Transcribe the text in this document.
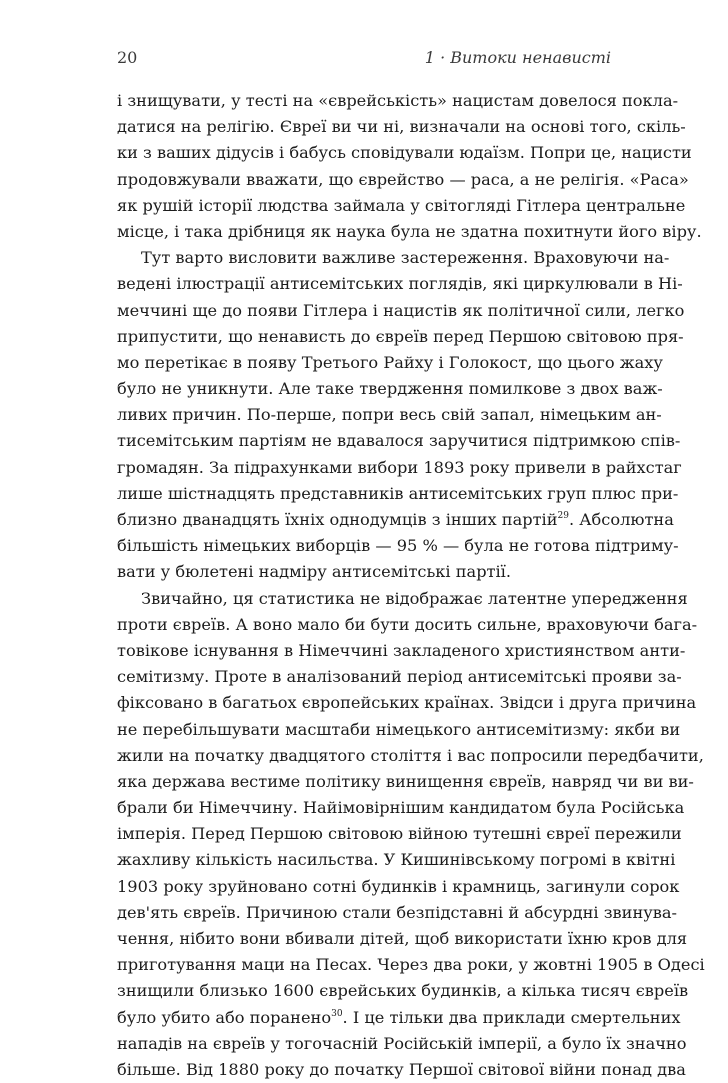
20	1 · Витоки ненависті
і знищувати, у тесті на «єврейськість» нацистам довелося покла-
датися на релігію. Євреї ви чи ні, визначали на основі того, скіль-
ки з ваших дідусів і бабусь сповідували юдаїзм. Попри це, нацисти
продовжували вважати, що єврейство — раса, а не релігія. «Раса»
як рушій історії людства займала у світогляді Гітлера центральне
місце, і така дрібниця як наука була не здатна похитнути його віру.
Тут варто висловити важливе застереження. Враховуючи на-
ведені ілюстрації антисемітських поглядів, які циркулювали в Ні-
меччині ще до появи Гітлера і нацистів як політичної сили, легко
припустити, що ненависть до євреїв перед Першою світовою пря-
мо перетікає в появу Третього Райху і Голокост, що цього жаху
було не уникнути. Але таке твердження помилкове з двох важ-
ливих причин. По-перше, попри весь свій запал, німецьким ан-
тисемітським партіям не вдавалося заручитися підтримкою спів-
громадян. За підрахунками вибори 1893 року привели в райхстаг
лише шістнадцять представників антисемітських груп плюс при-
близно дванадцять їхніх однодумців з інших партій$^{29}$. Абсолютна
більшість німецьких виборців — 95 % — була не готова підтриму-
вати у бюлетені надміру антисемітські партії.
Звичайно, ця статистика не відображає латентне упередження
проти євреїв. А воно мало би бути досить сильне, враховуючи бага-
товікове існування в Німеччині закладеного християнством анти-
семітизму. Проте в аналізований період антисемітські прояви за-
фіксовано в багатьох європейських країнах. Звідси і друга причина
не перебільшувати масштаби німецького антисемітизму: якби ви
жили на початку двадцятого століття і вас попросили передбачити,
яка держава вестиме політику винищення євреїв, навряд чи ви ви-
брали би Німеччину. Найімовірнішим кандидатом була Російська
імперія. Перед Першою світовою війною тутешні євреї пережили
жахливу кількість насильства. У Кишинівському погромі в квітні
1903 року зруйновано сотні будинків і крамниць, загинули сорок
дев'ять євреїв. Причиною стали безпідставні й абсурдні звинува-
чення, нібито вони вбивали дітей, щоб використати їхню кров для
приготування маци на Песах. Через два роки, у жовтні 1905 в Одесі
знищили близько 1600 єврейських будинків, а кілька тисяч євреїв
було убито або поранено$^{30}$. І це тільки два приклади смертельних
нападів на євреїв у тогочасній Російській імперії, а було їх значно
більше. Від 1880 року до початку Першої світової війни понад два
